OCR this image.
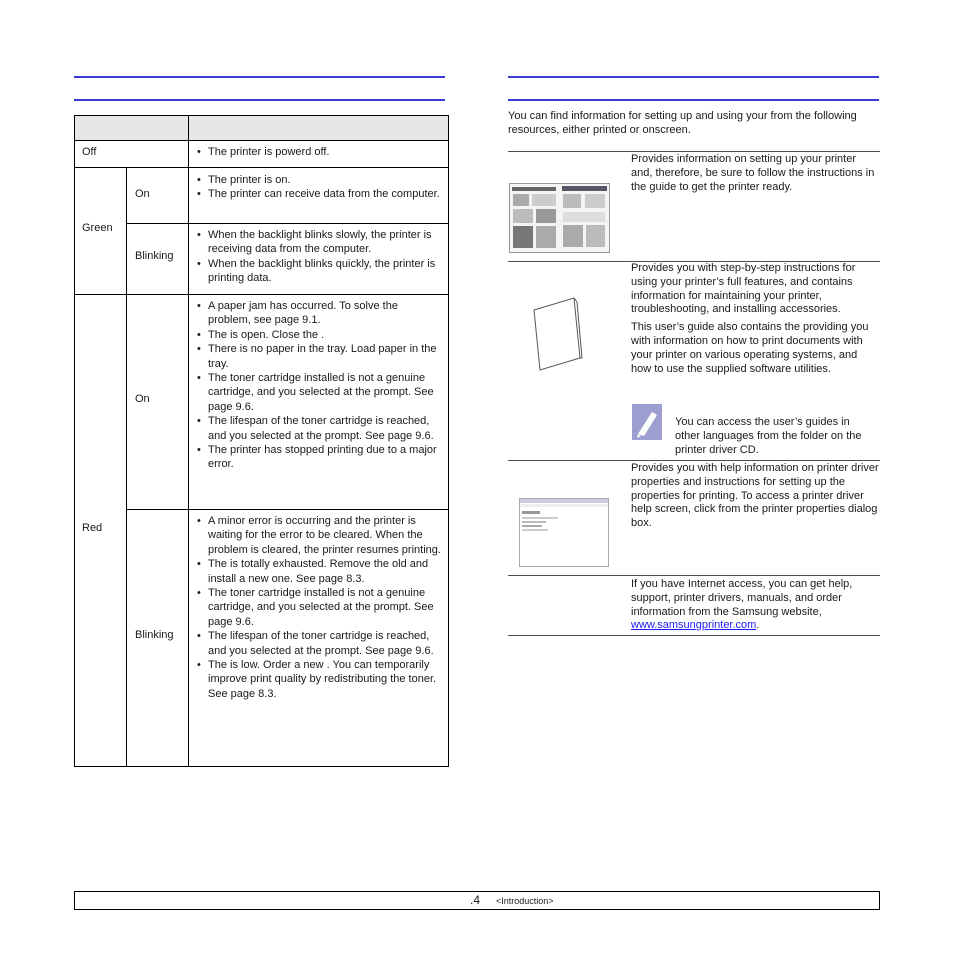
Off

•	The printer is powerd off.

Green
On

• The printer is on.

• The printer can receive data from the computer.

Blinking

• When the backlight blinks slowly, the printer is receiving data from the computer.

• When the backlight blinks quickly, the printer is printing data.

Red
On

• A paper jam has occurred. To solve the problem, see page 9.1.

• The is open. Close the .

• There is no paper in the tray. Load paper in the tray.

• The toner cartridge installed is not a genuine cartridge, and you selected at the prompt. See page 9.6.

• The lifespan of the toner cartridge is reached, and you selected at the prompt. See page 9.6.

• The printer has stopped printing due to a major error.

Blinking

• A minor error is occurring and the printer is waiting for the error to be cleared. When the problem is cleared, the printer resumes printing.

• The is totally exhausted. Remove the old and install a new one. See page 8.3.

• The toner cartridge installed is not a genuine cartridge, and you selected at the prompt. See page 9.6.

• The lifespan of the toner cartridge is reached, and you selected at the prompt. See page 9.6.

• The is low. Order a new . You can temporarily improve print quality by redistributing the toner. See page 8.3.

You can find information for setting up and using your from the following resources, either printed or onscreen.

Provides information on setting up your printer and, therefore, be sure to follow the instructions in the guide to get the printer ready.

Provides you with step-by-step instructions for using your printer’s full features, and contains information for maintaining your printer, troubleshooting, and installing accessories.

This user’s guide also contains the providing you with information on how to print documents with your printer on various operating systems, and how to use the supplied software utilities.

You can access the user’s guides in other languages from the folder on the printer driver CD.

Provides you with help information on printer driver properties and instructions for setting up the properties for printing. To access a printer driver help screen, click from the printer properties dialog box.

If you have Internet access, you can get help, support, printer drivers, manuals, and order information from the Samsung website, www.samsungprinter.com.

.4 <Introduction>
